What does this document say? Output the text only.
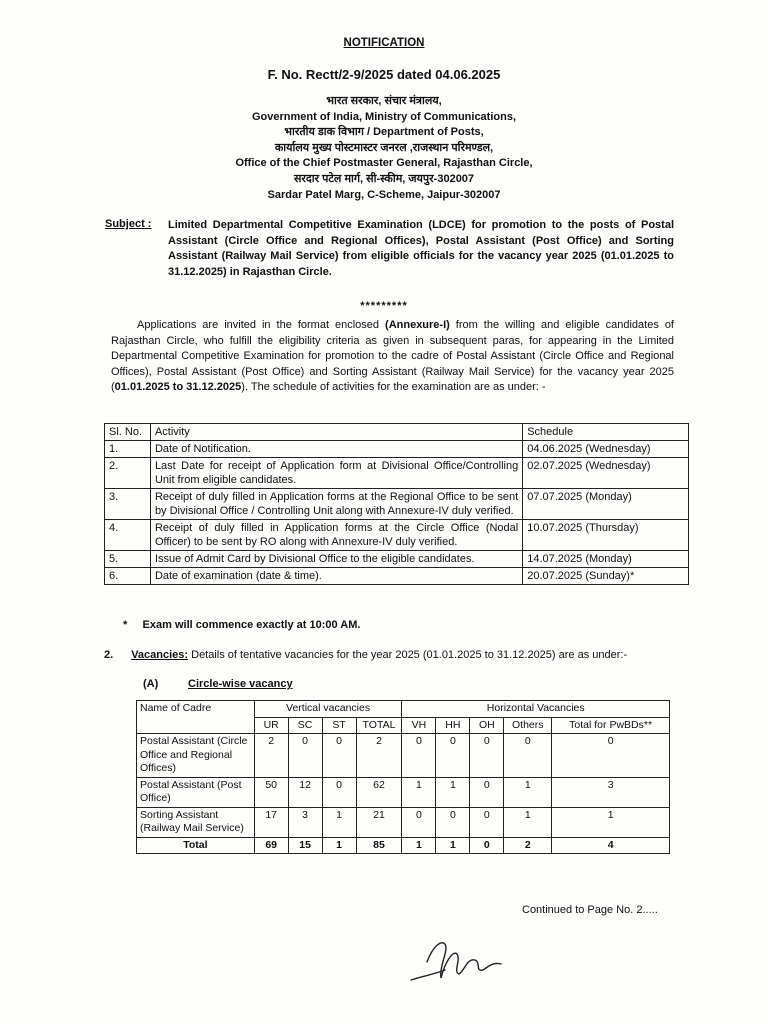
NOTIFICATION
F. No. Rectt/2-9/2025 dated 04.06.2025
भारत सरकार, संचार मंत्रालय,
Government of India, Ministry of Communications,
भारतीय डाक विभाग / Department of Posts,
कार्यालय मुख्य पोस्टमास्टर जनरल ,राजस्थान परिमण्डल,
Office of the Chief Postmaster General, Rajasthan Circle,
सरदार पटेल मार्ग, सी-स्कीम, जयपुर-302007
Sardar Patel Marg, C-Scheme, Jaipur-302007
Subject : Limited Departmental Competitive Examination (LDCE) for promotion to the posts of Postal Assistant (Circle Office and Regional Offices), Postal Assistant (Post Office) and Sorting Assistant (Railway Mail Service) from eligible officials for the vacancy year 2025 (01.01.2025 to 31.12.2025) in Rajasthan Circle.
*********
Applications are invited in the format enclosed (Annexure-I) from the willing and eligible candidates of Rajasthan Circle, who fulfill the eligibility criteria as given in subsequent paras, for appearing in the Limited Departmental Competitive Examination for promotion to the cadre of Postal Assistant (Circle Office and Regional Offices), Postal Assistant (Post Office) and Sorting Assistant (Railway Mail Service) for the vacancy year 2025 (01.01.2025 to 31.12.2025). The schedule of activities for the examination are as under: -
Sl. No.	Activity	Schedule
1.	Date of Notification.	04.06.2025 (Wednesday)
2.	Last Date for receipt of Application form at Divisional Office/Controlling Unit from eligible candidates.	02.07.2025 (Wednesday)
3.	Receipt of duly filled in Application forms at the Regional Office to be sent by Divisional Office / Controlling Unit along with Annexure-IV duly verified.	07.07.2025 (Monday)
4.	Receipt of duly filled in Application forms at the Circle Office (Nodal Officer) to be sent by RO along with Annexure-IV duly verified.	10.07.2025 (Thursday)
5.	Issue of Admit Card by Divisional Office to the eligible candidates.	14.07.2025 (Monday)
6.	Date of examination (date & time).	20.07.2025 (Sunday)*
*     Exam will commence exactly at 10:00 AM.
2. Vacancies: Details of tentative vacancies for the year 2025 (01.01.2025 to 31.12.2025) are as under:-
(A)	Circle-wise vacancy
Name of Cadre	Vertical vacancies				Horizontal Vacancies				
	UR	SC	ST	TOTAL	VH	HH	OH	Others	Total for PwBDs**
Postal Assistant (Circle Office and Regional Offices)	2	0	0	2	0	0	0	0	0
Postal Assistant (Post Office)	50	12	0	62	1	1	0	1	3
Sorting Assistant (Railway Mail Service)	17	3	1	21	0	0	0	1	1
Total	69	15	1	85	1	1	0	2	4
Continued to Page No. 2.....
